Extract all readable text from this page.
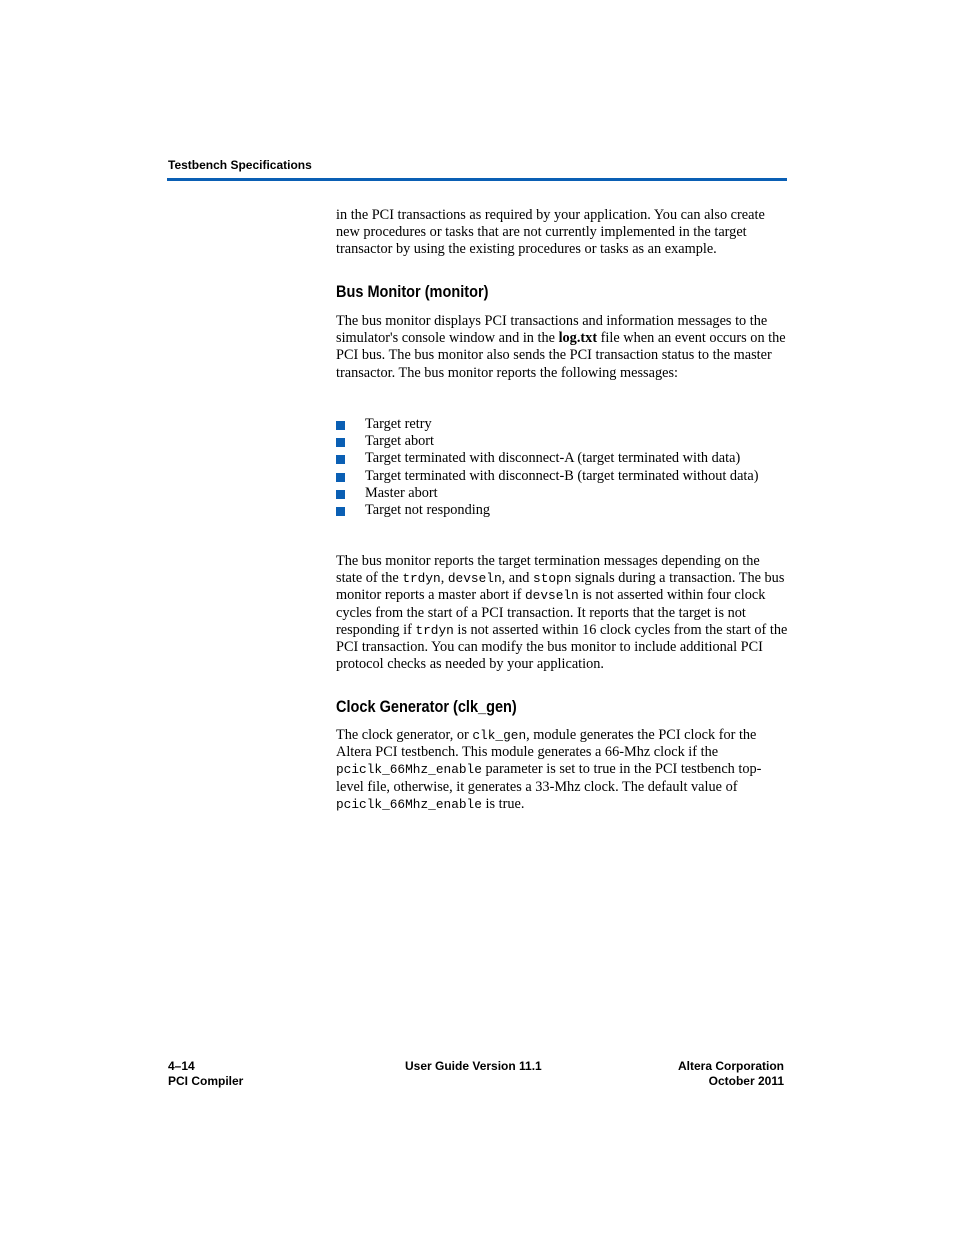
Testbench Specifications

in the PCI transactions as required by your application. You can also create new procedures or tasks that are not currently implemented in the target transactor by using the existing procedures or tasks as an example.

Bus Monitor (monitor)

The bus monitor displays PCI transactions and information messages to the simulator's console window and in the log.txt file when an event occurs on the PCI bus. The bus monitor also sends the PCI transaction status to the master transactor. The bus monitor reports the following messages:

Target retry
Target abort
Target terminated with disconnect-A (target terminated with data)
Target terminated with disconnect-B (target terminated without data)
Master abort
Target not responding

The bus monitor reports the target termination messages depending on the state of the trdyn, devseln, and stopn signals during a transaction. The bus monitor reports a master abort if devseln is not asserted within four clock cycles from the start of a PCI transaction. It reports that the target is not responding if trdyn is not asserted within 16 clock cycles from the start of the PCI transaction. You can modify the bus monitor to include additional PCI protocol checks as needed by your application.

Clock Generator (clk_gen)

The clock generator, or clk_gen, module generates the PCI clock for the Altera PCI testbench. This module generates a 66-Mhz clock if the pciclk_66Mhz_enable parameter is set to true in the PCI testbench top-level file, otherwise, it generates a 33-Mhz clock. The default value of pciclk_66Mhz_enable is true.

4–14
PCI Compiler
User Guide Version 11.1	Altera Corporation
October 2011
